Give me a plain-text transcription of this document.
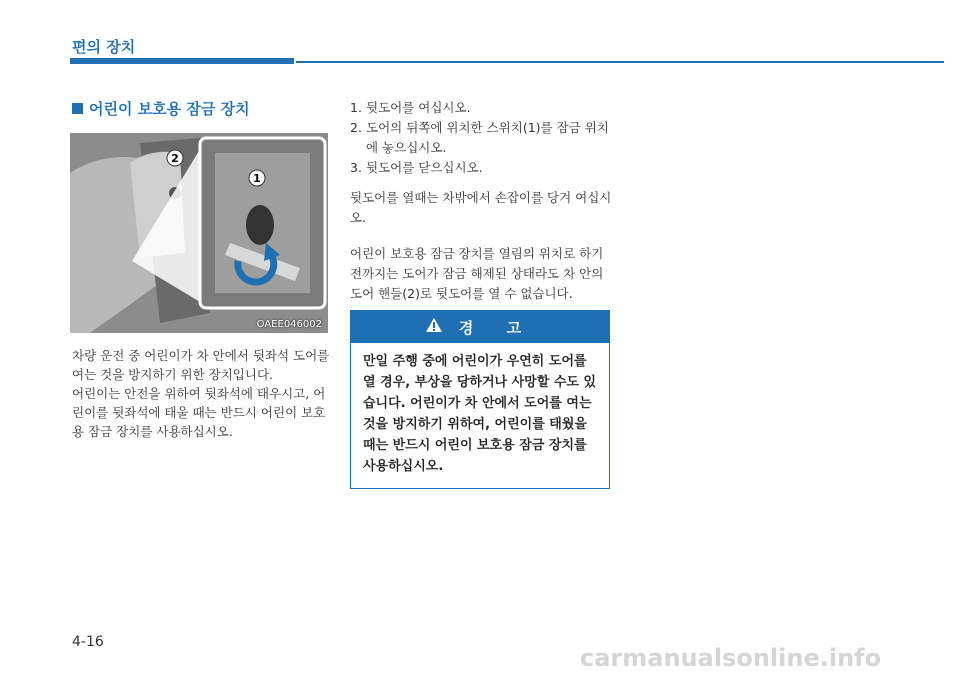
편의 장치
어린이 보호용 잠금 장치
1
2
OAEE046002

차량 운전 중 어린이가 차 안에서 뒷좌석 도어를 여는 것을 방지하기 위한 장치입니다.

어린이는 안전을 위하여 뒷좌석에 태우시고, 어린이를 뒷좌석에 태울 때는 반드시 어린이 보호용 잠금 장치를 사용하십시오.

1. 뒷도어를 여십시오.
2. 도어의 뒤쪽에 위치한 스위치(1)를 잠금 위치에 놓으십시오.
3. 뒷도어를 닫으십시오.

뒷도어를 열때는 차밖에서 손잡이를 당겨 여십시오.

어린이 보호용 잠금 장치를 열림의 위치로 하기 전까지는 도어가 잠금 해제된 상태라도 차 안의 도어 핸들(2)로 뒷도어를 열 수 없습니다.

경 고
만일 주행 중에 어린이가 우연히 도어를 열 경우, 부상을 당하거나 사망할 수도 있습니다. 어린이가 차 안에서 도어를 여는 것을 방지하기 위하여, 어린이를 태웠을 때는 반드시 어린이 보호용 잠금 장치를 사용하십시오.
4-16
carmanualsonline.info
